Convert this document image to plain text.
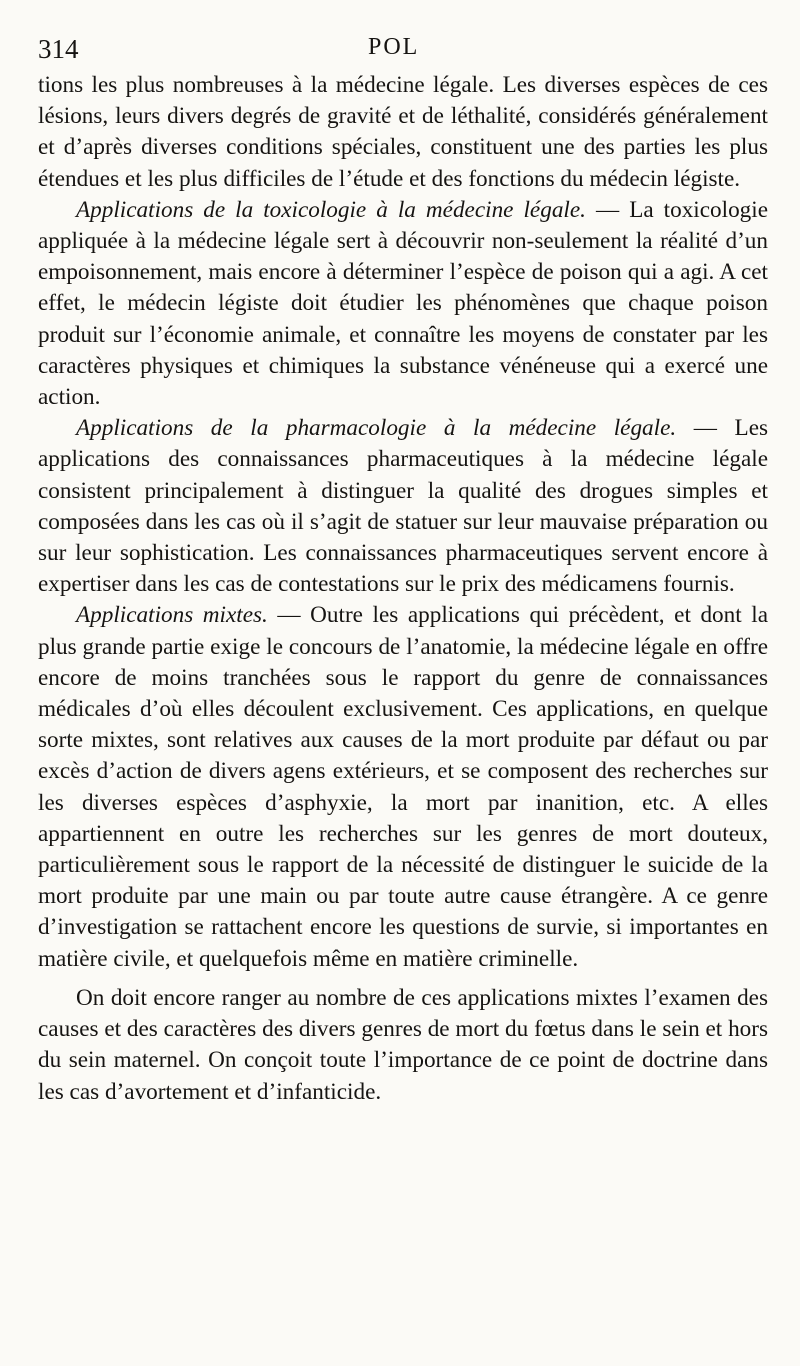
314	POL

tions les plus nombreuses à la médecine légale. Les diverses espèces de ces lésions, leurs divers degrés de gravité et de léthalité, considérés généralement et d’après diverses conditions spéciales, constituent une des parties les plus étendues et les plus difficiles de l’étude et des fonctions du médecin légiste.

Applications de la toxicologie à la médecine légale. — La toxicologie appliquée à la médecine légale sert à découvrir non-seulement la réalité d’un empoisonnement, mais encore à déterminer l’espèce de poison qui a agi. A cet effet, le médecin légiste doit étudier les phénomènes que chaque poison produit sur l’économie animale, et connaître les moyens de constater par les caractères physiques et chimiques la substance vénéneuse qui a exercé une action.

Applications de la pharmacologie à la médecine légale. — Les applications des connaissances pharmaceutiques à la médecine légale consistent principalement à distinguer la qualité des drogues simples et composées dans les cas où il s’agit de statuer sur leur mauvaise préparation ou sur leur sophistication. Les connaissances pharmaceutiques servent encore à expertiser dans les cas de contestations sur le prix des médicamens fournis.

Applications mixtes. — Outre les applications qui précèdent, et dont la plus grande partie exige le concours de l’anatomie, la médecine légale en offre encore de moins tranchées sous le rapport du genre de connaissances médicales d’où elles découlent exclusivement. Ces applications, en quelque sorte mixtes, sont relatives aux causes de la mort produite par défaut ou par excès d’action de divers agens extérieurs, et se composent des recherches sur les diverses espèces d’asphyxie, la mort par inanition, etc. A elles appartiennent en outre les recherches sur les genres de mort douteux, particulièrement sous le rapport de la nécessité de distinguer le suicide de la mort produite par une main ou par toute autre cause étrangère. A ce genre d’investigation se rattachent encore les questions de survie, si importantes en matière civile, et quelquefois même en matière criminelle.

On doit encore ranger au nombre de ces applications mixtes l’examen des causes et des caractères des divers genres de mort du fœtus dans le sein et hors du sein maternel. On conçoit toute l’importance de ce point de doctrine dans les cas d’avortement et d’infanticide.
